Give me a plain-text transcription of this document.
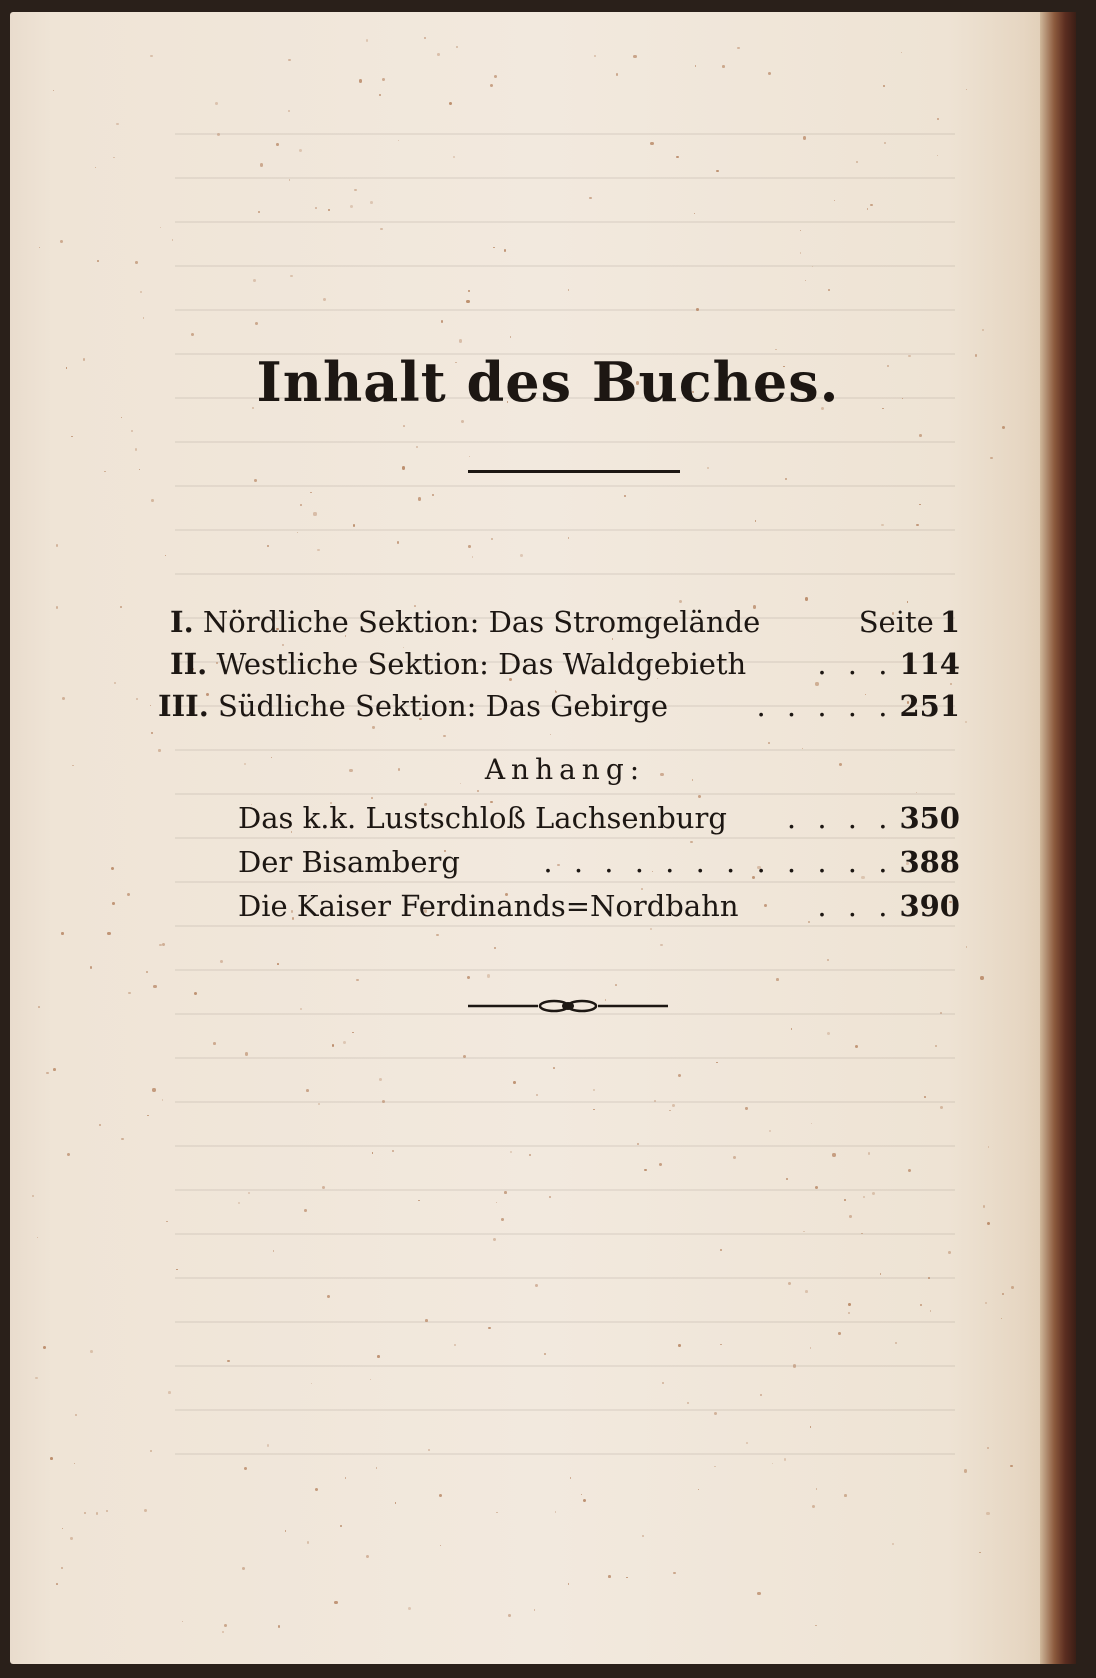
Inhalt des Buches.
I.
Nördliche Sektion: Das Stromgelände	Seite 1
II.
Westliche Sektion: Das Waldgebieth	. . . 114
III.
Südliche Sektion: Das Gebirge	. . . . . 251
Anhang:
Das k.k. Lustschloß Lachsenburg	. . . . 350
Der Bisamberg	. . . . . . . . . . . . 388
Die Kaiser Ferdinands=Nordbahn	. . . 390
